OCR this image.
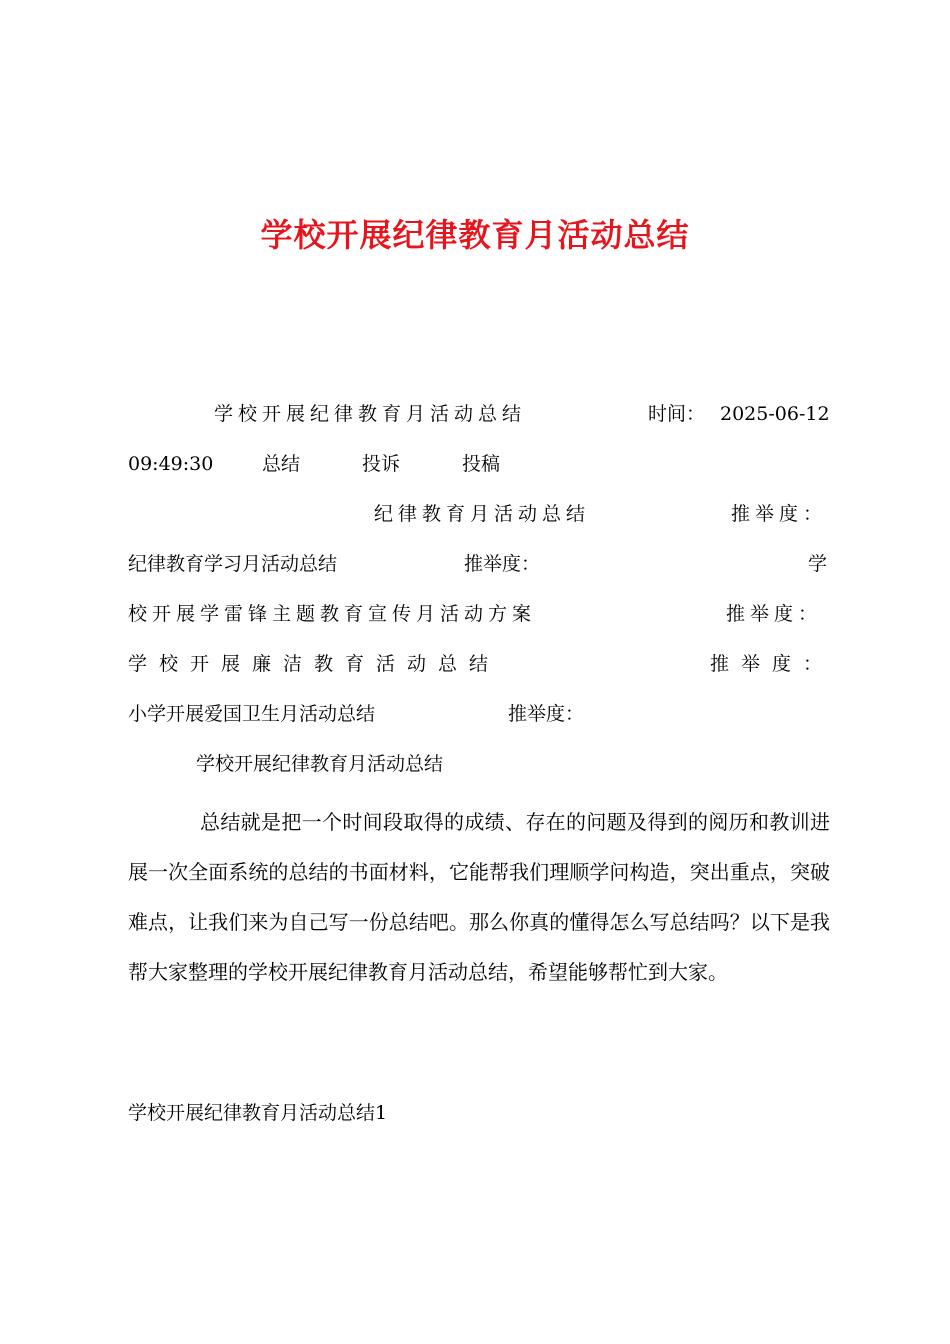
学校开展纪律教育月活动总结
学校开展纪律教育月活动总结	时间： 2025-06-12
09:49:30	总结	投诉	投稿
纪律教育月活动总结	推举度：
纪律教育学习月活动总结	推举度：	学
校开展学雷锋主题教育宣传月活动方案	推举度：
学校开展廉洁教育活动总结	推举度：
小学开展爱国卫生月活动总结	推举度：
学校开展纪律教育月活动总结
总结就是把一个时间段取得的成绩、存在的问题及得到的阅历和教训进展一次全面系统的总结的书面材料，它能帮我们理顺学问构造，突出重点，突破难点，让我们来为自己写一份总结吧。那么你真的懂得怎么写总结吗？以下是我帮大家整理的学校开展纪律教育月活动总结，希望能够帮忙到大家。
学校开展纪律教育月活动总结1
